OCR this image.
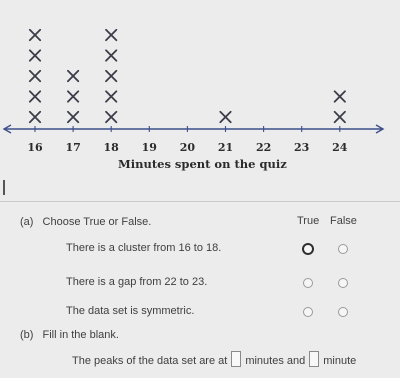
16 17 18 19 20 21 22 23 24
Minutes spent on the quiz
(a) Choose True or False.	True False
There is a cluster from 16 to 18.
There is a gap from 22 to 23.
The data set is symmetric.
(b) Fill in the blank.
The peaks of the data set are at minutes and minute
